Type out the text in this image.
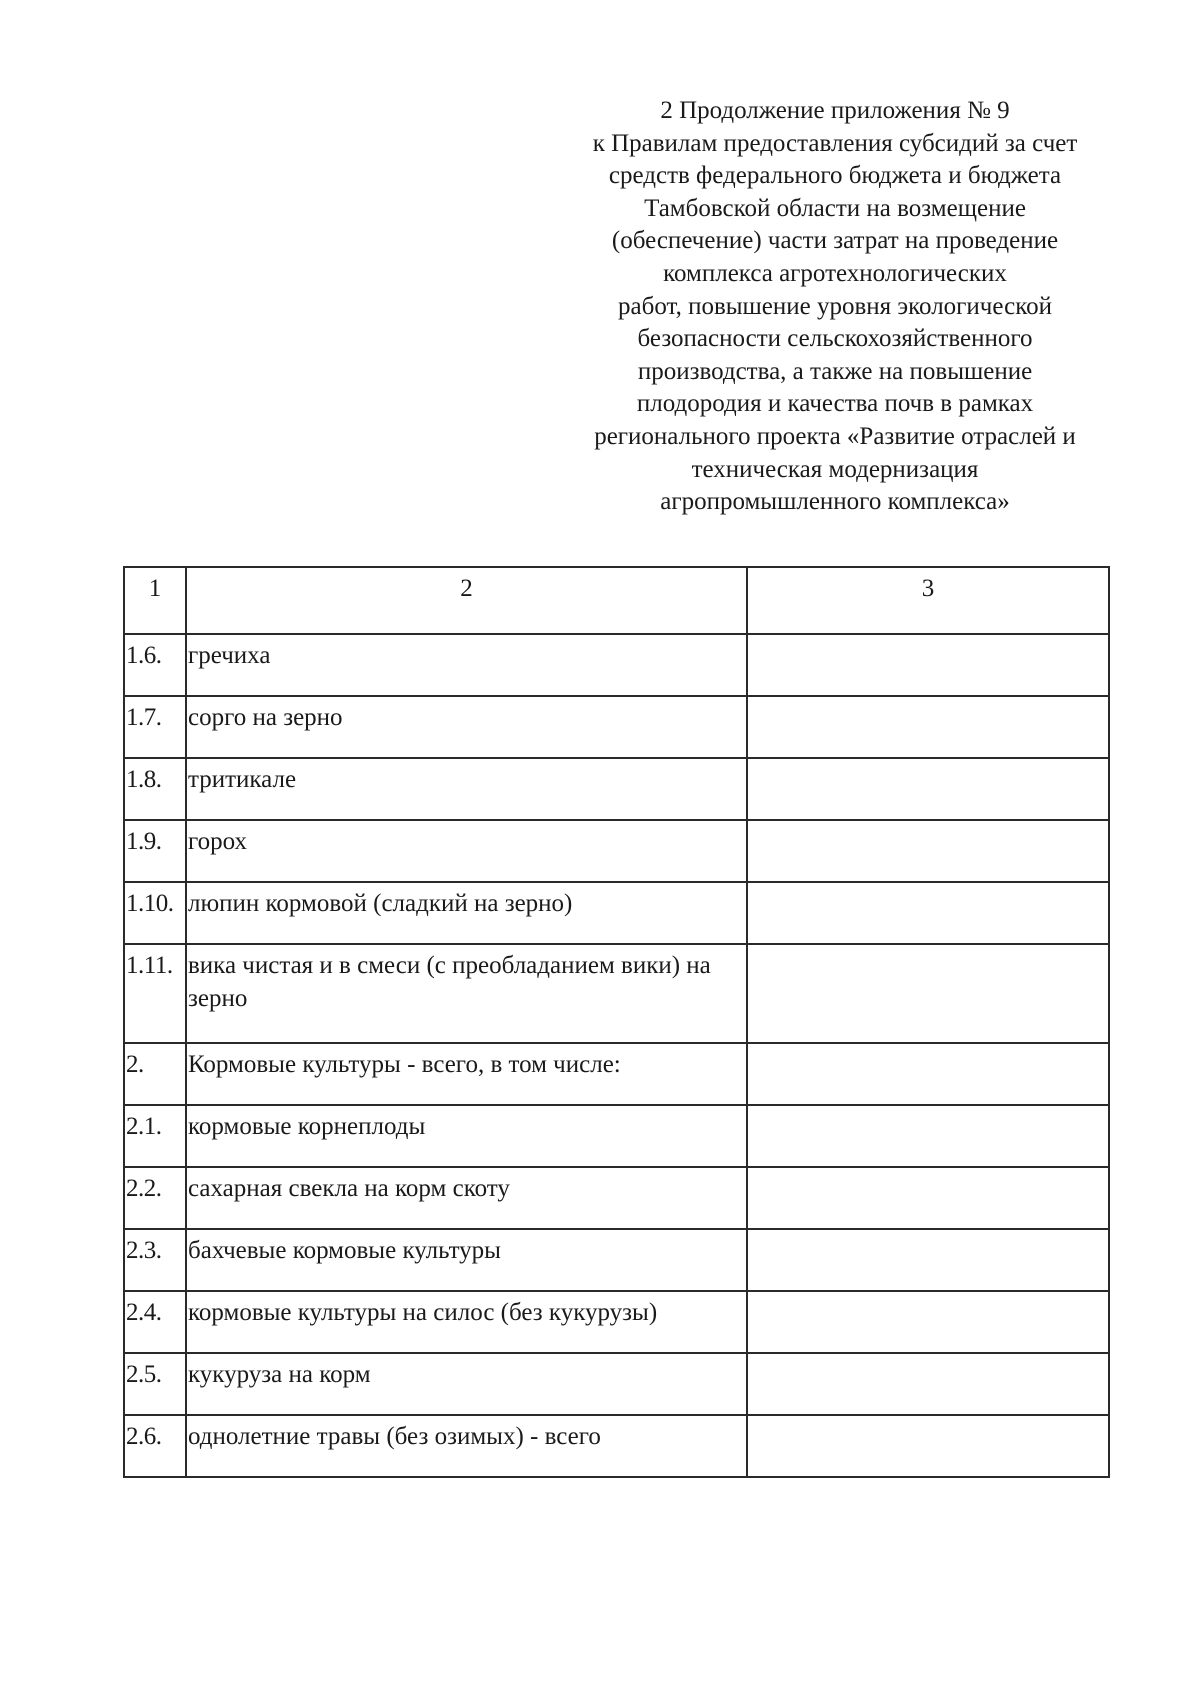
2 Продолжение приложения № 9
к Правилам предоставления субсидий за счет
средств федерального бюджета и бюджета
Тамбовской области на возмещение
(обеспечение) части затрат на проведение
комплекса агротехнологических
работ, повышение уровня экологической
безопасности сельскохозяйственного
производства, а также на повышение
плодородия и качества почв в рамках
регионального проекта «Развитие отраслей и
техническая модернизация
агропромышленного комплекса»
1	2	3
1.6.	гречиха	
1.7.	сорго на зерно	
1.8.	тритикале	
1.9.	горох	
1.10.	люпин кормовой (сладкий на зерно)	
1.11.	вика чистая и в смеси (с преобладанием вики) на зерно	
2.	Кормовые культуры - всего, в том числе:	
2.1.	кормовые корнеплоды	
2.2.	сахарная свекла на корм скоту	
2.3.	бахчевые кормовые культуры	
2.4.	кормовые культуры на силос (без кукурузы)	
2.5.	кукуруза на корм	
2.6.	однолетние травы (без озимых) - всего	
